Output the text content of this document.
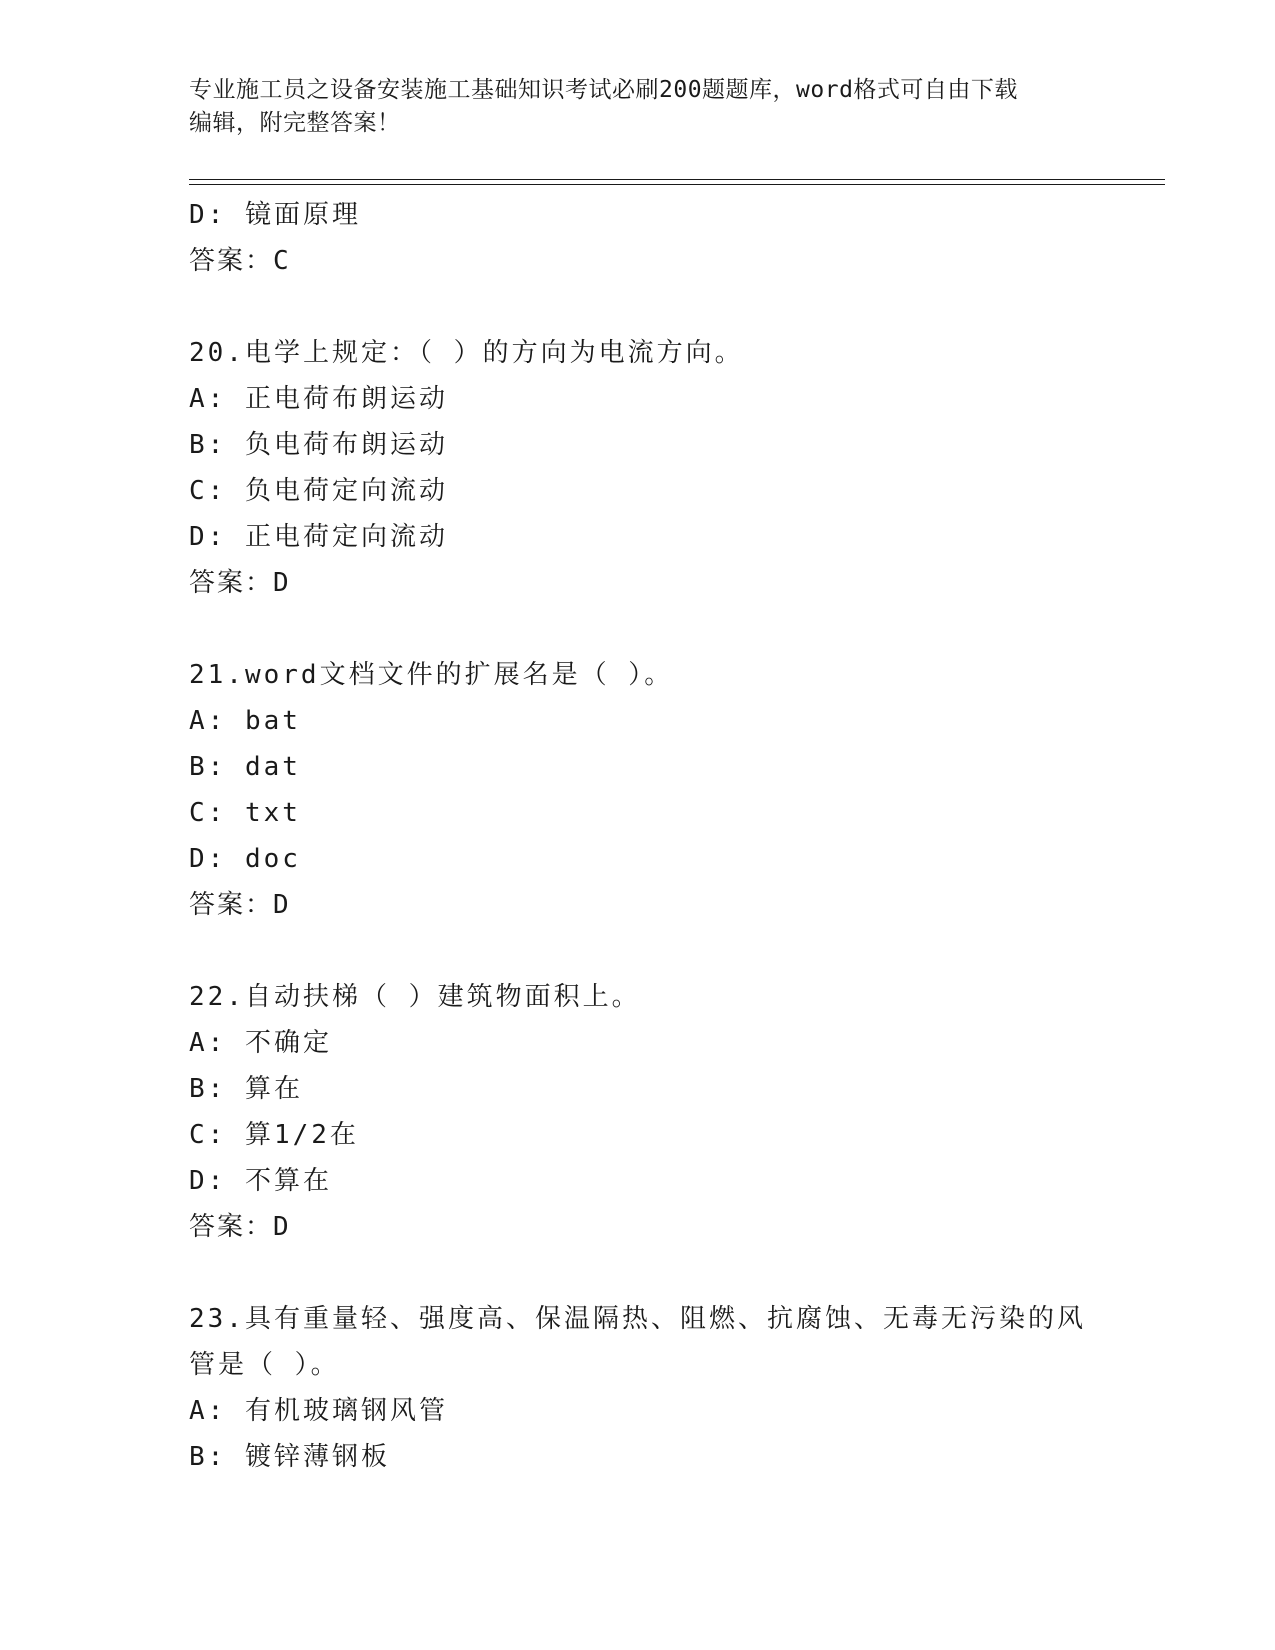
专业施工员之设备安装施工基础知识考试必刷200题题库，word格式可自由下载
编辑，附完整答案！
D: 镜面原理
答案：C
20.电学上规定：（ ）的方向为电流方向。
A: 正电荷布朗运动
B: 负电荷布朗运动
C: 负电荷定向流动
D: 正电荷定向流动
答案：D
21.word文档文件的扩展名是（ ）。
A: bat
B: dat
C: txt
D: doc
答案：D
22.自动扶梯（ ）建筑物面积上。
A: 不确定
B: 算在
C: 算1/2在
D: 不算在
答案：D
23.具有重量轻、强度高、保温隔热、阻燃、抗腐蚀、无毒无污染的风
管是（ ）。
A: 有机玻璃钢风管
B: 镀锌薄钢板
